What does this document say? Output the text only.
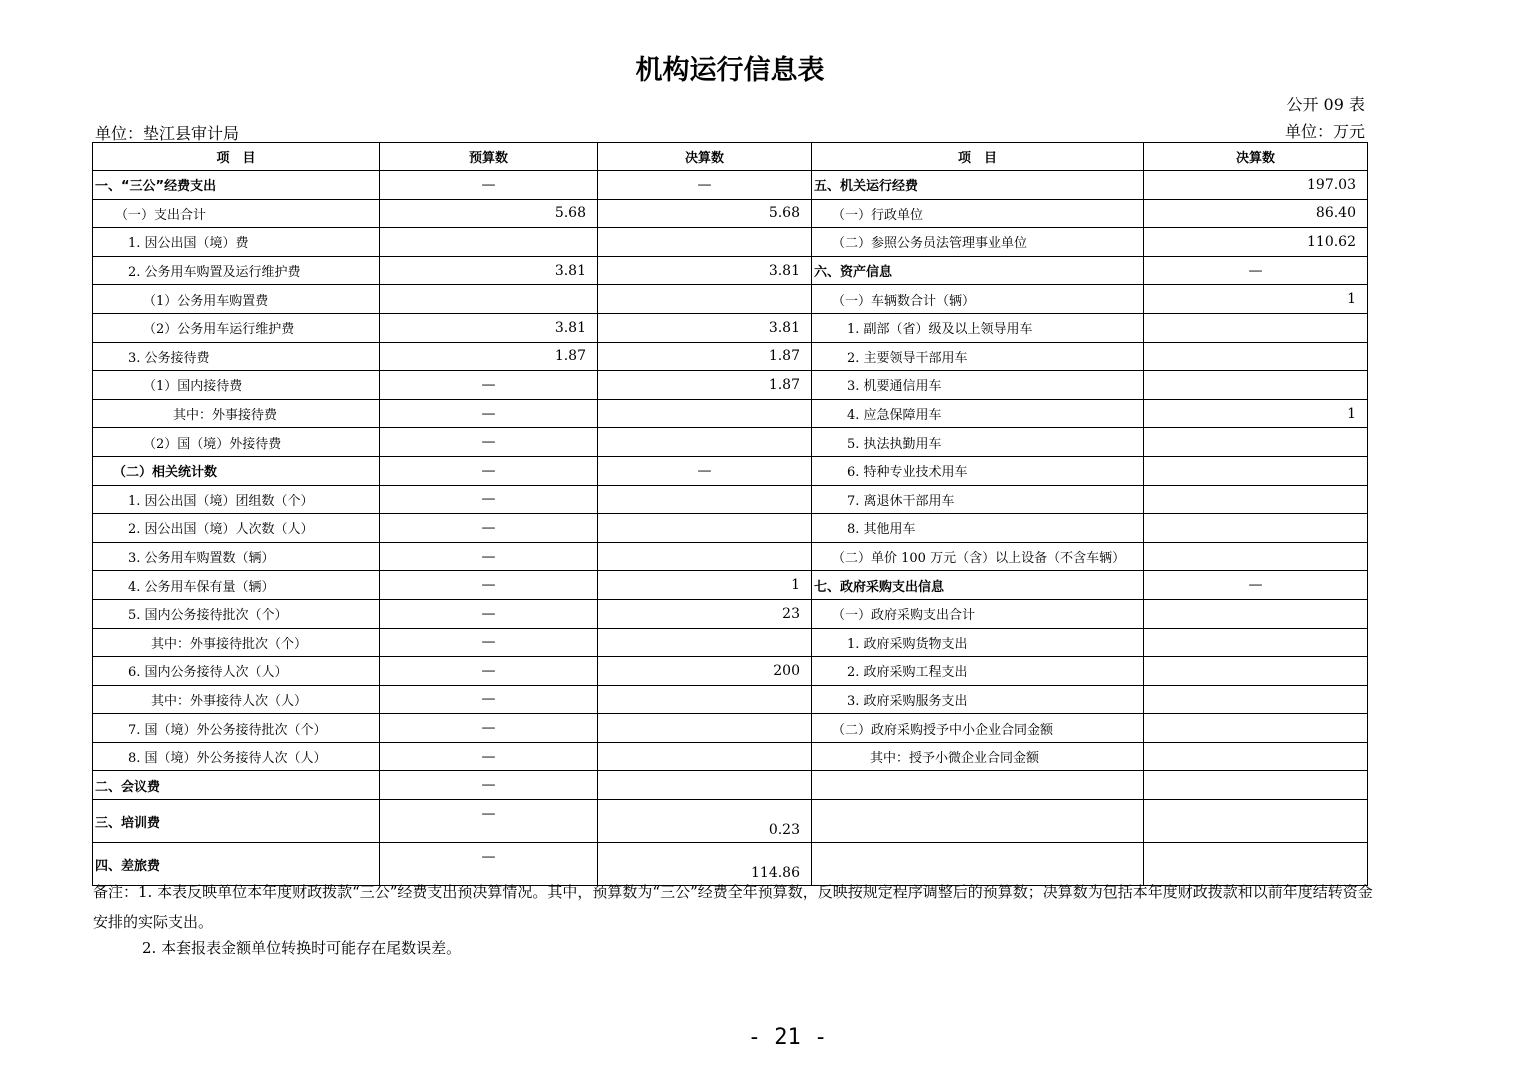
机构运行信息表
公开 09 表
单位：垫江县审计局	单位：万元
项　目	预算数	决算数	项　目	决算数
一、“三公”经费支出	—	—	五、机关运行经费	197.03
（一）支出合计	5.68	5.68	（一）行政单位	86.40
1. 因公出国（境）费			（二）参照公务员法管理事业单位	110.62
2. 公务用车购置及运行维护费	3.81	3.81	六、资产信息	—
（1）公务用车购置费			（一）车辆数合计（辆）	1
（2）公务用车运行维护费	3.81	3.81	1. 副部（省）级及以上领导用车	
3. 公务接待费	1.87	1.87	2. 主要领导干部用车	
（1）国内接待费	—	1.87	3. 机要通信用车	
其中：外事接待费	—		4. 应急保障用车	1
（2）国（境）外接待费	—		5. 执法执勤用车	
（二）相关统计数	—	—	6. 特种专业技术用车	
1. 因公出国（境）团组数（个）	—		7. 离退休干部用车	
2. 因公出国（境）人次数（人）	—		8. 其他用车	
3. 公务用车购置数（辆）	—		（二）单价 100 万元（含）以上设备（不含车辆）	
4. 公务用车保有量（辆）	—	1	七、政府采购支出信息	—
5. 国内公务接待批次（个）	—	23	（一）政府采购支出合计	
其中：外事接待批次（个）	—		1. 政府采购货物支出	
6. 国内公务接待人次（人）	—	200	2. 政府采购工程支出	
其中：外事接待人次（人）	—		3. 政府采购服务支出	
7. 国（境）外公务接待批次（个）	—		（二）政府采购授予中小企业合同金额	
8. 国（境）外公务接待人次（人）	—		其中：授予小微企业合同金额	
二、会议费	—			
三、培训费	—	0.23		
四、差旅费	—	114.86		
备注：1. 本表反映单位本年度财政拨款“三公”经费支出预决算情况。其中，预算数为“三公”经费全年预算数，反映按规定程序调整后的预算数；决算数为包括本年度财政拨款和以前年度结转资金安排的实际支出。
2. 本套报表金额单位转换时可能存在尾数误差。
- 21 -
